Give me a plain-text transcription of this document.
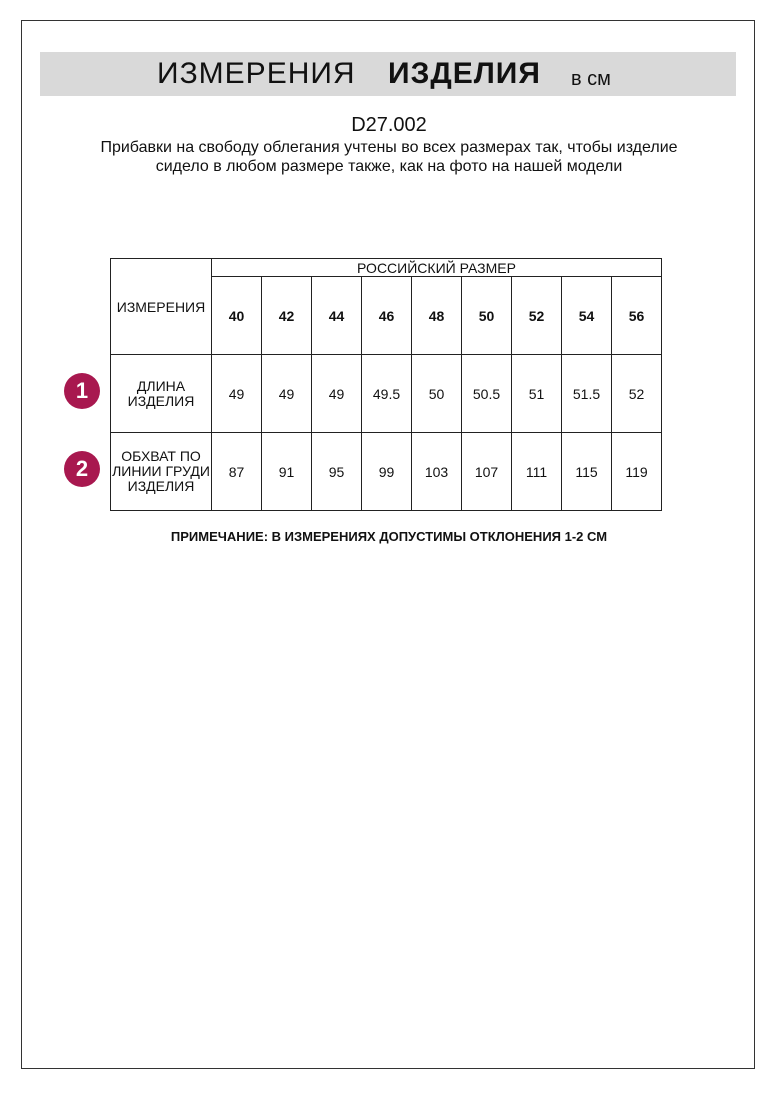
ИЗМЕРЕНИЯ ИЗДЕЛИЯ в см
D27.002
Прибавки на свободу облегания учтены во всех размерах так, чтобы изделие сидело в любом размере также, как на фото на нашей модели
ИЗМЕРЕНИЯ	РОССИЙСКИЙ РАЗМЕР								
	40	42	44	46	48	50	52	54	56
ДЛИНА ИЗДЕЛИЯ	49	49	49	49.5	50	50.5	51	51.5	52
ОБХВАТ ПО ЛИНИИ ГРУДИ ИЗДЕЛИЯ	87	91	95	99	103	107	111	115	119
1
2
ПРИМЕЧАНИЕ: В ИЗМЕРЕНИЯХ ДОПУСТИМЫ ОТКЛОНЕНИЯ 1-2 СМ
